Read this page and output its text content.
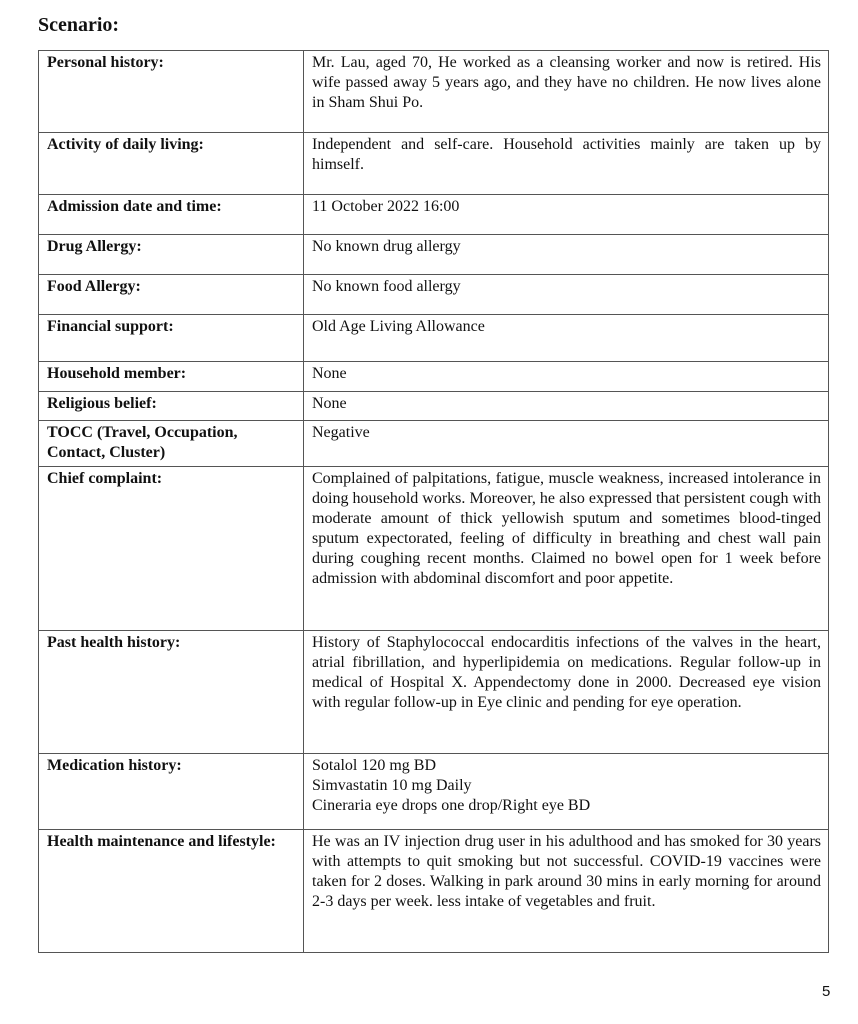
Scenario:
Personal history:	Mr. Lau, aged 70, He worked as a cleansing worker and now is retired. His wife passed away 5 years ago, and they have no children. He now lives alone in Sham Shui Po.
Activity of daily living:	Independent and self-care. Household activities mainly are taken up by himself.
Admission date and time:	11 October 2022 16:00
Drug Allergy:	No known drug allergy
Food Allergy:	No known food allergy
Financial support:	Old Age Living Allowance
Household member:	None
Religious belief:	None
TOCC (Travel, Occupation, Contact, Cluster)	Negative
Chief complaint:	Complained of palpitations, fatigue, muscle weakness, increased intolerance in doing household works. Moreover, he also expressed that persistent cough with moderate amount of thick yellowish sputum and sometimes blood-tinged sputum expectorated, feeling of difficulty in breathing and chest wall pain during coughing recent months. Claimed no bowel open for 1 week before admission with abdominal discomfort and poor appetite.
Past health history:	History of Staphylococcal endocarditis infections of the valves in the heart, atrial fibrillation, and hyperlipidemia on medications. Regular follow-up in medical of Hospital X. Appendectomy done in 2000. Decreased eye vision with regular follow-up in Eye clinic and pending for eye operation.
Medication history:	Sotalol 120 mg BD
Simvastatin 10 mg Daily
Cineraria eye drops one drop/Right eye BD

Health maintenance and lifestyle:	He was an IV injection drug user in his adulthood and has smoked for 30 years with attempts to quit smoking but not successful. COVID-19 vaccines were taken for 2 doses. Walking in park around 30 mins in early morning for around 2-3 days per week. less intake of vegetables and fruit.
5
